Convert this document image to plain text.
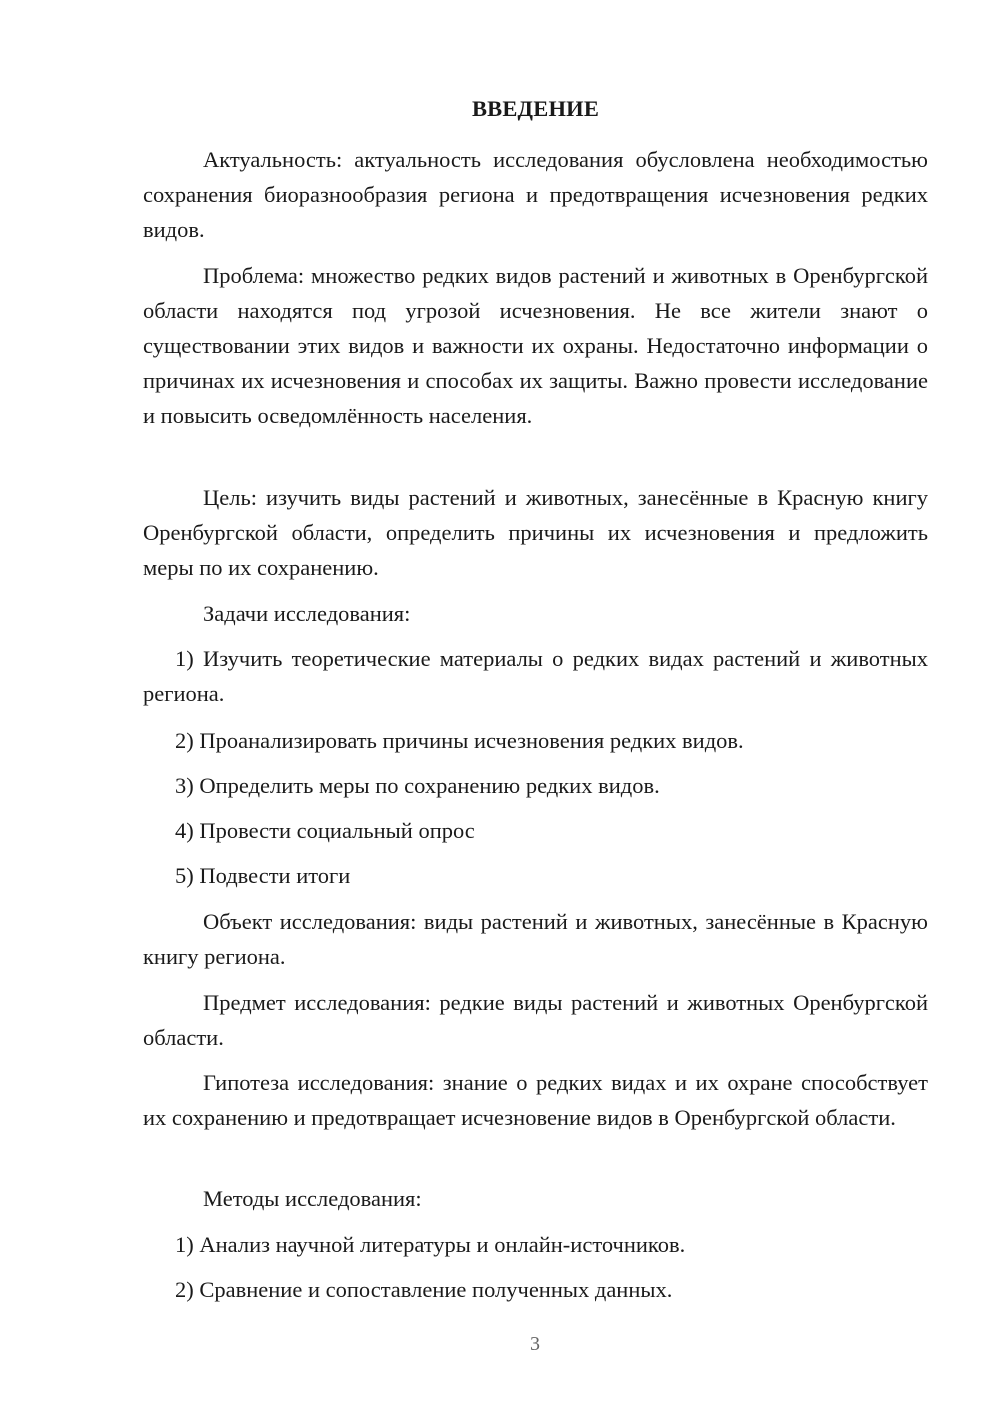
ВВЕДЕНИЕ

Актуальность: актуальность исследования обусловлена необходимостью сохранения биоразнообразия региона и предотвращения исчезновения редких видов.

Проблема: множество редких видов растений и животных в Оренбургской области находятся под угрозой исчезновения. Не все жители знают о существовании этих видов и важности их охраны. Недостаточно информации о причинах их исчезновения и способах их защиты. Важно провести исследование и повысить осведомлённость населения.

Цель: изучить виды растений и животных, занесённые в Красную книгу Оренбургской области, определить причины их исчезновения и предложить меры по их сохранению.

Задачи исследования:

1) Изучить теоретические материалы о редких видах растений и животных региона.

2) Проанализировать причины исчезновения редких видов.

3) Определить меры по сохранению редких видов.

4) Провести социальный опрос

5) Подвести итоги

Объект исследования: виды растений и животных, занесённые в Красную книгу региона.

Предмет исследования: редкие виды растений и животных Оренбургской области.

Гипотеза исследования: знание о редких видах и их охране способствует их сохранению и предотвращает исчезновение видов в Оренбургской области.

Методы исследования:

1) Анализ научной литературы и онлайн-источников.

2) Сравнение и сопоставление полученных данных.

3
